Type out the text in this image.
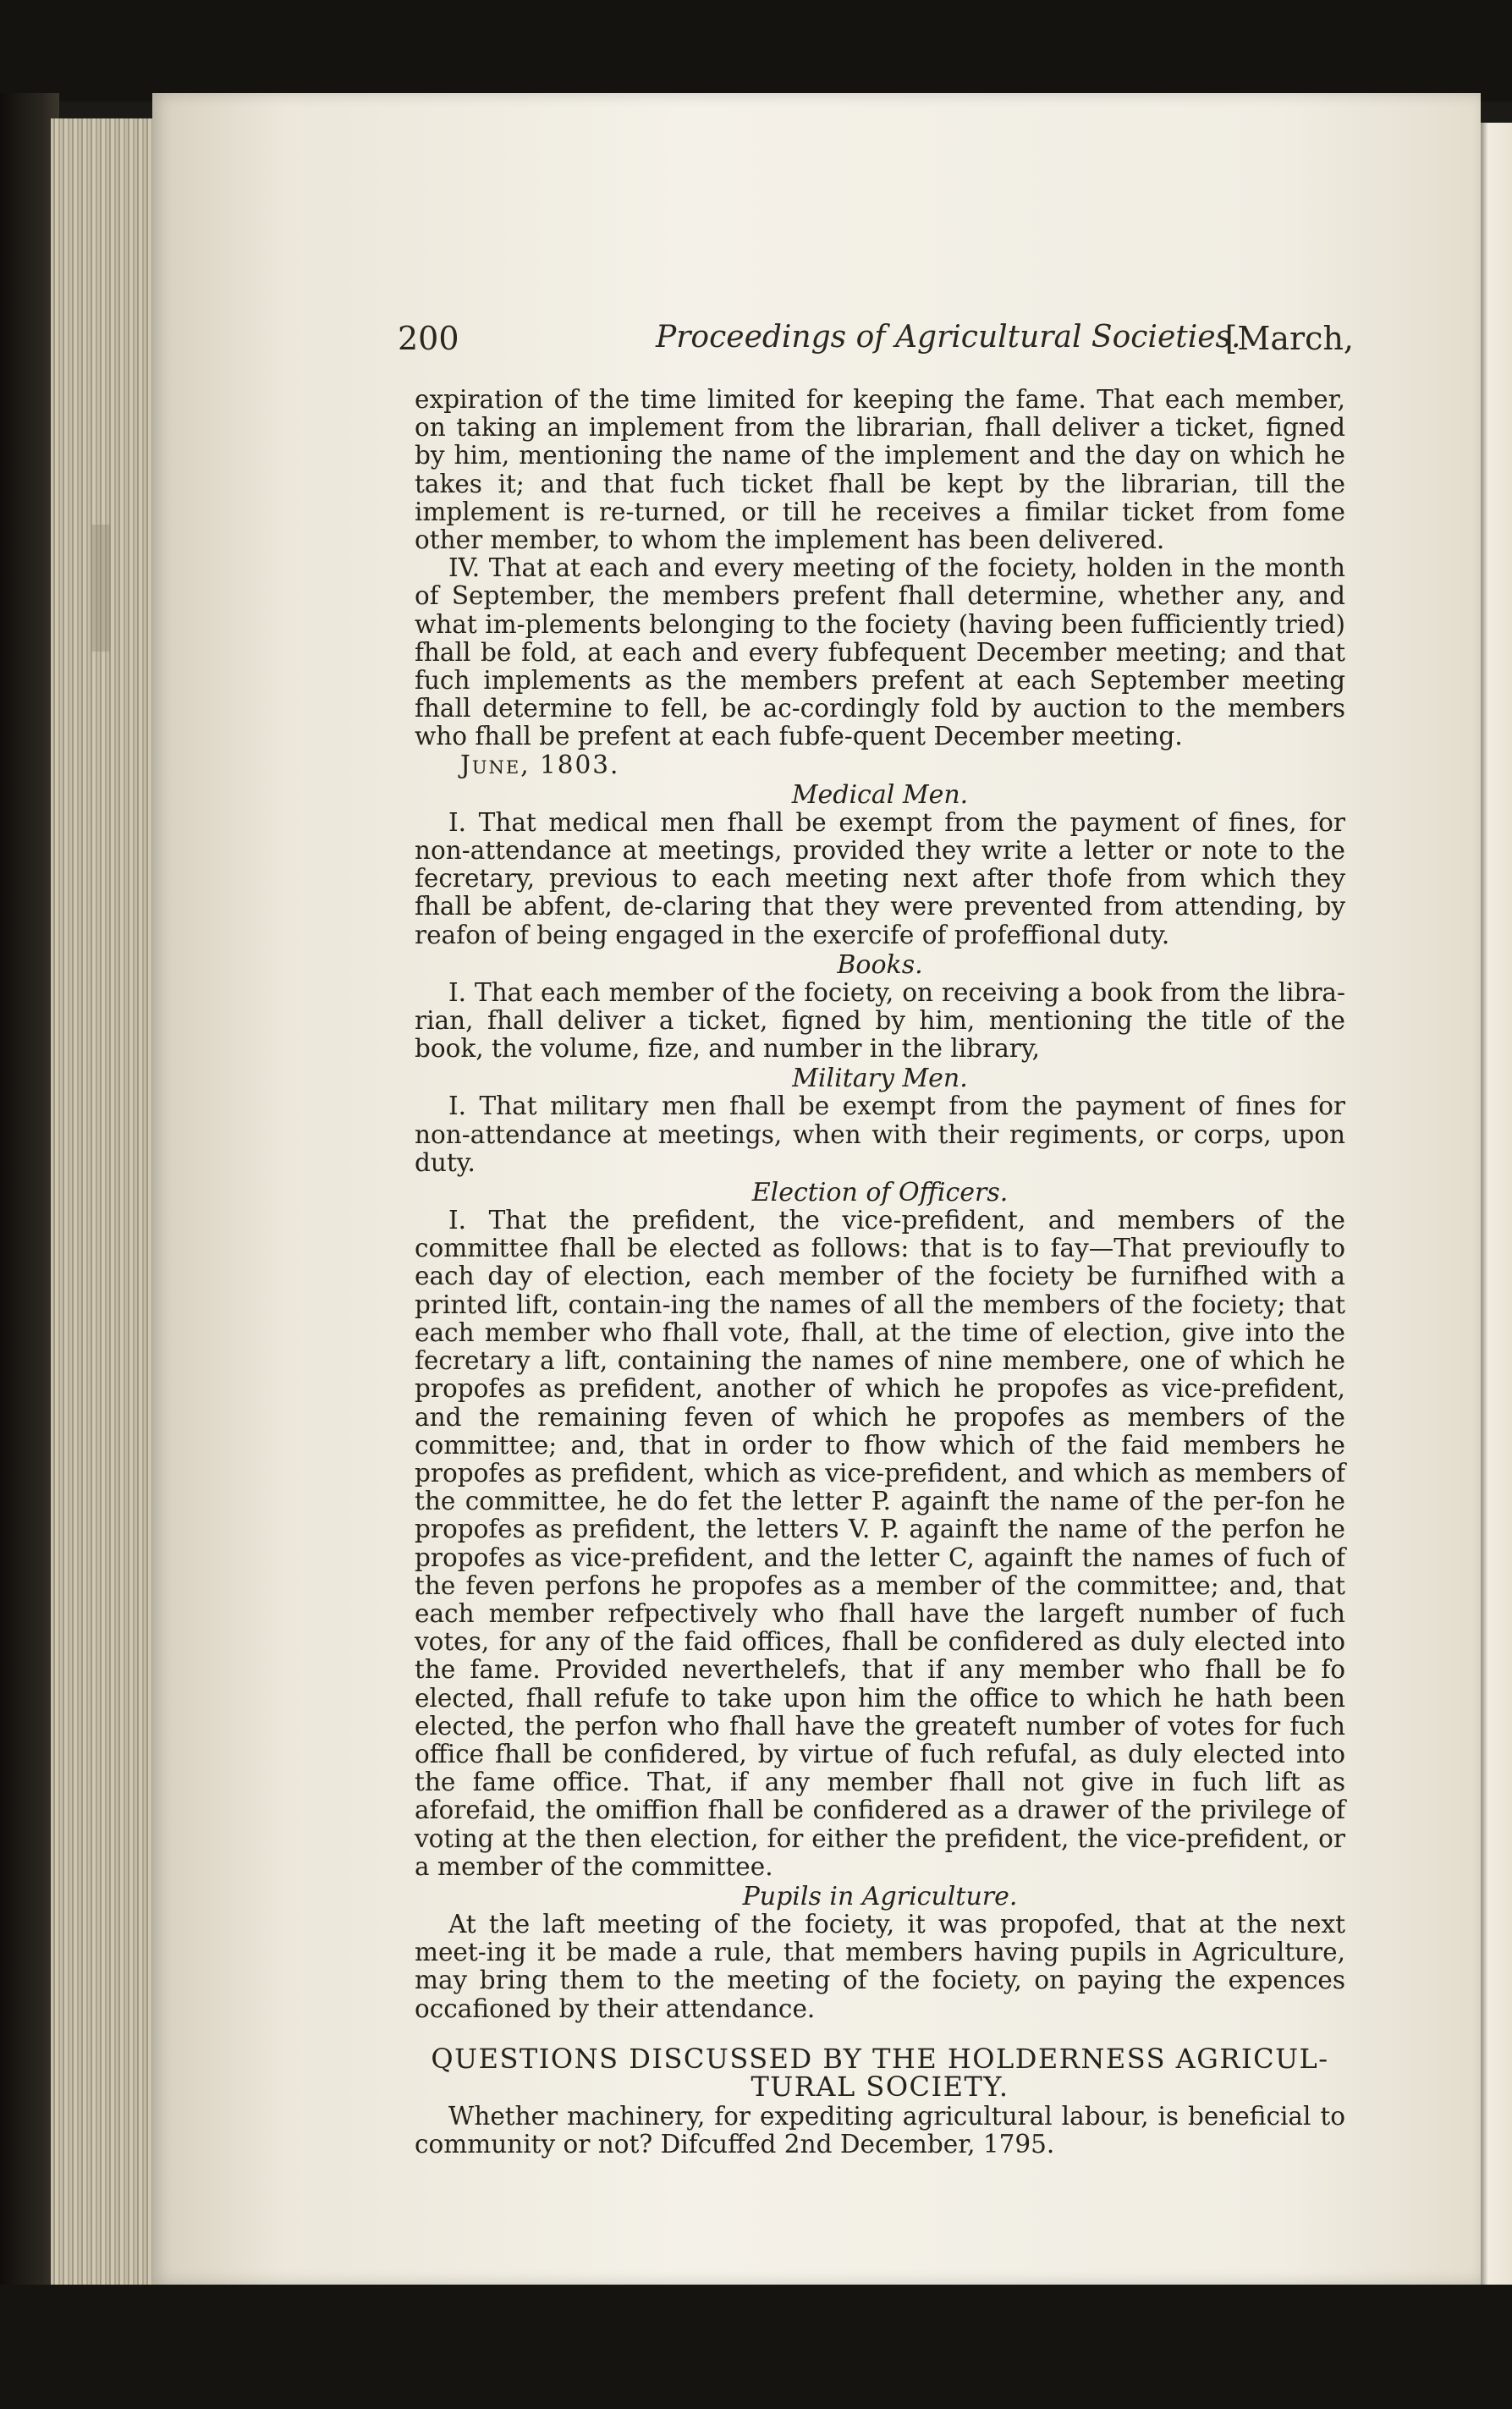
200	Proceedings of Agricultural Societies.
[March,

expiration of the time limited for keeping the fame. That each member, on taking an implement from the librarian, fhall deliver a ticket, figned by him, mentioning the name of the implement and the day on which he takes it; and that fuch ticket fhall be kept by the librarian, till the implement is re-turned, or till he receives a fimilar ticket from fome other member, to whom the implement has been delivered.

IV. That at each and every meeting of the fociety, holden in the month of September, the members prefent fhall determine, whether any, and what im-plements belonging to the fociety (having been fufficiently tried) fhall be fold, at each and every fubfequent December meeting; and that fuch implements as the members prefent at each September meeting fhall determine to fell, be ac-cordingly fold by auction to the members who fhall be prefent at each fubfe-quent December meeting.

June, 1803.

Medical Men.

I. That medical men fhall be exempt from the payment of fines, for non-attendance at meetings, provided they write a letter or note to the fecretary, previous to each meeting next after thofe from which they fhall be abfent, de-claring that they were prevented from attending, by reafon of being engaged in the exercife of profeffional duty.

Books.

I. That each member of the fociety, on receiving a book from the libra-rian, fhall deliver a ticket, figned by him, mentioning the title of the book, the volume, fize, and number in the library,

Military Men.

I. That military men fhall be exempt from the payment of fines for non-attendance at meetings, when with their regiments, or corps, upon duty.

Election of Officers.

I. That the prefident, the vice-prefident, and members of the committee fhall be elected as follows: that is to fay—That previoufly to each day of election, each member of the fociety be furnifhed with a printed lift, contain-ing the names of all the members of the fociety; that each member who fhall vote, fhall, at the time of election, give into the fecretary a lift, containing the names of nine membere, one of which he propofes as prefident, another of which he propofes as vice-prefident, and the remaining feven of which he propofes as members of the committee; and, that in order to fhow which of the faid members he propofes as prefident, which as vice-prefident, and which as members of the committee, he do fet the letter P. againft the name of the per-fon he propofes as prefident, the letters V. P. againft the name of the perfon he propofes as vice-prefident, and the letter C, againft the names of fuch of the feven perfons he propofes as a member of the committee; and, that each member refpectively who fhall have the largeft number of fuch votes, for any of the faid offices, fhall be confidered as duly elected into the fame. Provided neverthelefs, that if any member who fhall be fo elected, fhall refufe to take upon him the office to which he hath been elected, the perfon who fhall have the greateft number of votes for fuch office fhall be confidered, by virtue of fuch refufal, as duly elected into the fame office. That, if any member fhall not give in fuch lift as aforefaid, the omiffion fhall be confidered as a drawer of the privilege of voting at the then election, for either the prefident, the vice-prefident, or a member of the committee.

Pupils in Agriculture.

At the laft meeting of the fociety, it was propofed, that at the next meet-ing it be made a rule, that members having pupils in Agriculture, may bring them to the meeting of the fociety, on paying the expences occafioned by their attendance.

QUESTIONS DISCUSSED BY THE HOLDERNESS AGRICUL-TURAL SOCIETY.

Whether machinery, for expediting agricultural labour, is beneficial to community or not? Difcuffed 2nd December, 1795.
